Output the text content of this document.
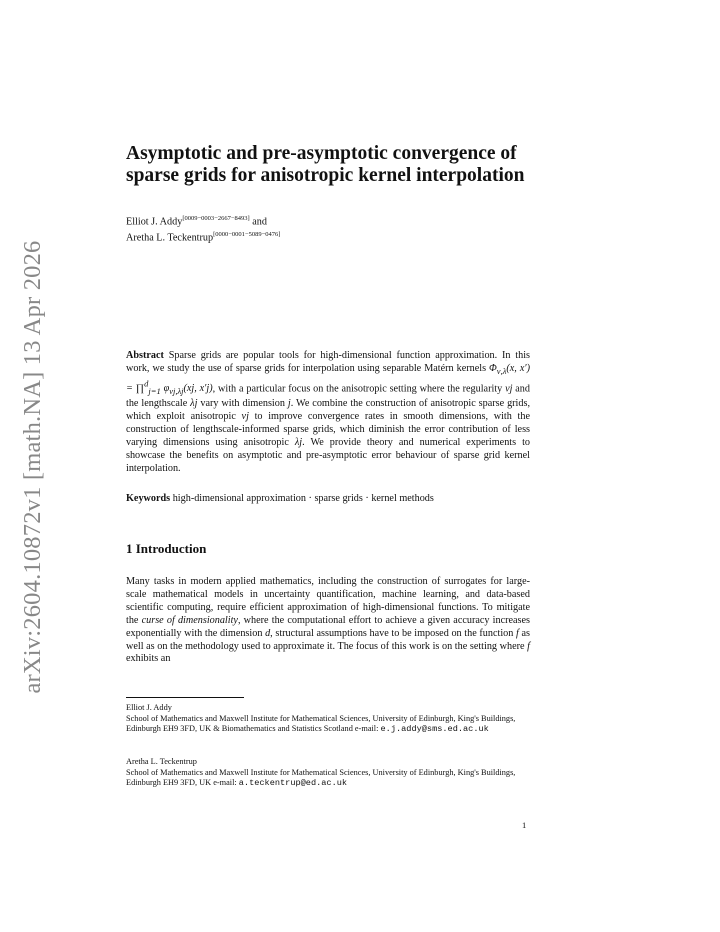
arXiv:2604.10872v1 [math.NA] 13 Apr 2026
Asymptotic and pre-asymptotic convergence of
sparse grids for anisotropic kernel interpolation
Elliot J. Addy[0009−0003−2667−8493] and
Aretha L. Teckentrup[0000−0001−5089−0476]

Abstract Sparse grids are popular tools for high-dimensional function approximation. In this work, we study the use of sparse grids for interpolation using separable Matérn kernels $\Phi_{\nu,\lambda}(x$, x′) = ∏$^d_{j=1}$ $\varphi_{\nu j,\lambda j}(xj$, x′j), with a particular focus on the anisotropic setting where the regularity νj and the lengthscale λj vary with dimension j. We combine the construction of anisotropic sparse grids, which exploit anisotropic νj to improve convergence rates in smooth dimensions, with the construction of lengthscale-informed sparse grids, which diminish the error contribution of less varying dimensions using anisotropic λj. We provide theory and numerical experiments to showcase the benefits on asymptotic and pre-asymptotic error behaviour of sparse grid kernel interpolation.

Keywords high-dimensional approximation · sparse grids · kernel methods

1 Introduction

Many tasks in modern applied mathematics, including the construction of surrogates for large-scale mathematical models in uncertainty quantification, machine learning, and data-based scientific computing, require efficient approximation of high-dimensional functions. To mitigate the curse of dimensionality, where the computational effort to achieve a given accuracy increases exponentially with the dimension d, structural assumptions have to be imposed on the function f as well as on the methodology used to approximate it. The focus of this work is on the setting where f exhibits an

Elliot J. Addy
School of Mathematics and Maxwell Institute for Mathematical Sciences, University of Edinburgh, King's Buildings, Edinburgh EH9 3FD, UK & Biomathematics and Statistics Scotland e-mail: e.j.addy@sms.ed.ac.uk

Aretha L. Teckentrup
School of Mathematics and Maxwell Institute for Mathematical Sciences, University of Edinburgh, King's Buildings, Edinburgh EH9 3FD, UK e-mail: a.teckentrup@ed.ac.uk

1
